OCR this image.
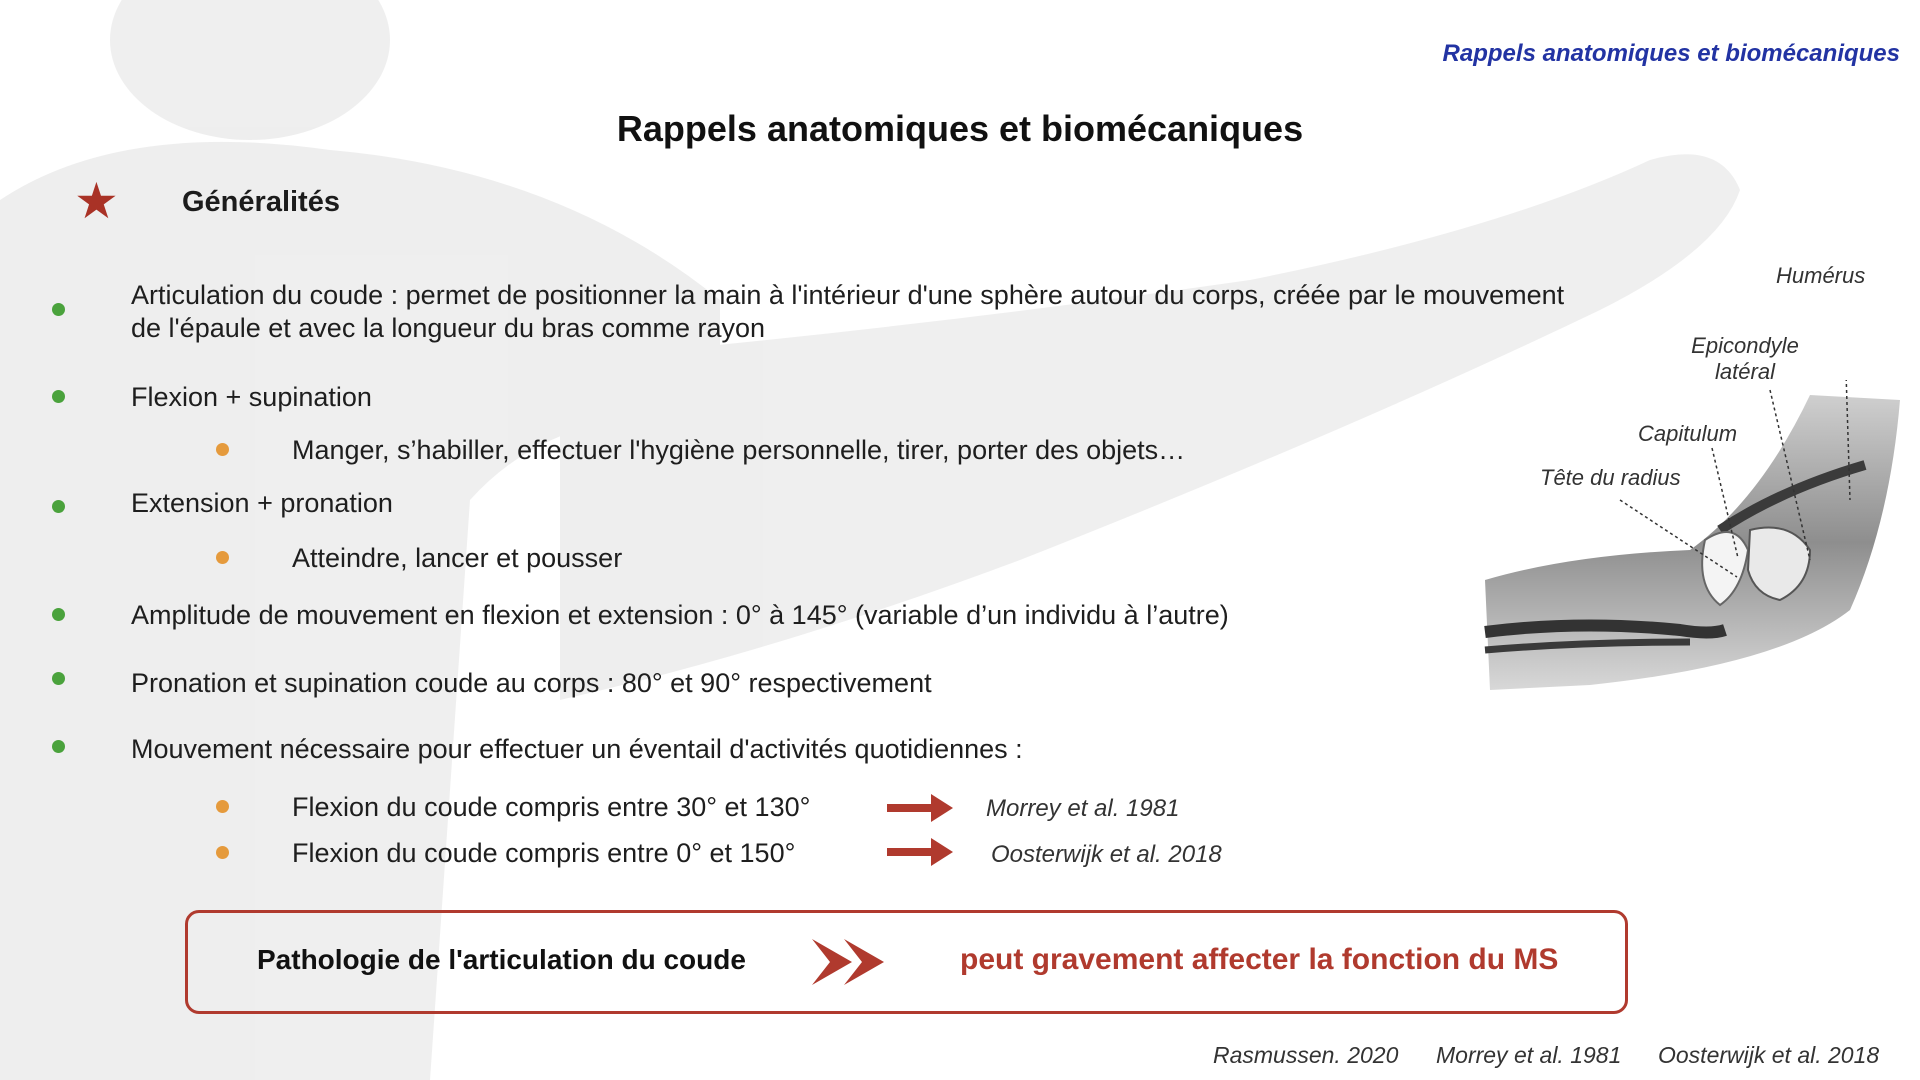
Rappels anatomiques et biomécaniques
Rappels anatomiques et biomécaniques
★ Généralités
Articulation du coude : permet de positionner la main à l'intérieur d'une sphère autour du corps, créée par le mouvement
de l'épaule et avec la longueur du bras comme rayon
Flexion + supination
Manger, s’habiller, effectuer l'hygiène personnelle, tirer, porter des objets…
Extension + pronation
Atteindre, lancer et pousser
Amplitude de mouvement en flexion et extension : 0° à 145° (variable d’un individu à l’autre)
Pronation et supination coude au corps : 80° et 90° respectivement
Mouvement nécessaire pour effectuer un éventail d'activités quotidiennes :
Flexion du coude compris entre 30° et 130°	Morrey et al. 1981
Flexion du coude compris entre 0° et 150°	Oosterwijk et al. 2018
Pathologie de l'articulation du coude	peut gravement affecter la fonction du MS
Humérus
Epicondyle
latéral
Capitulum
Tête du radius
Rasmussen. 2020 Morrey et al. 1981 Oosterwijk et al. 2018
